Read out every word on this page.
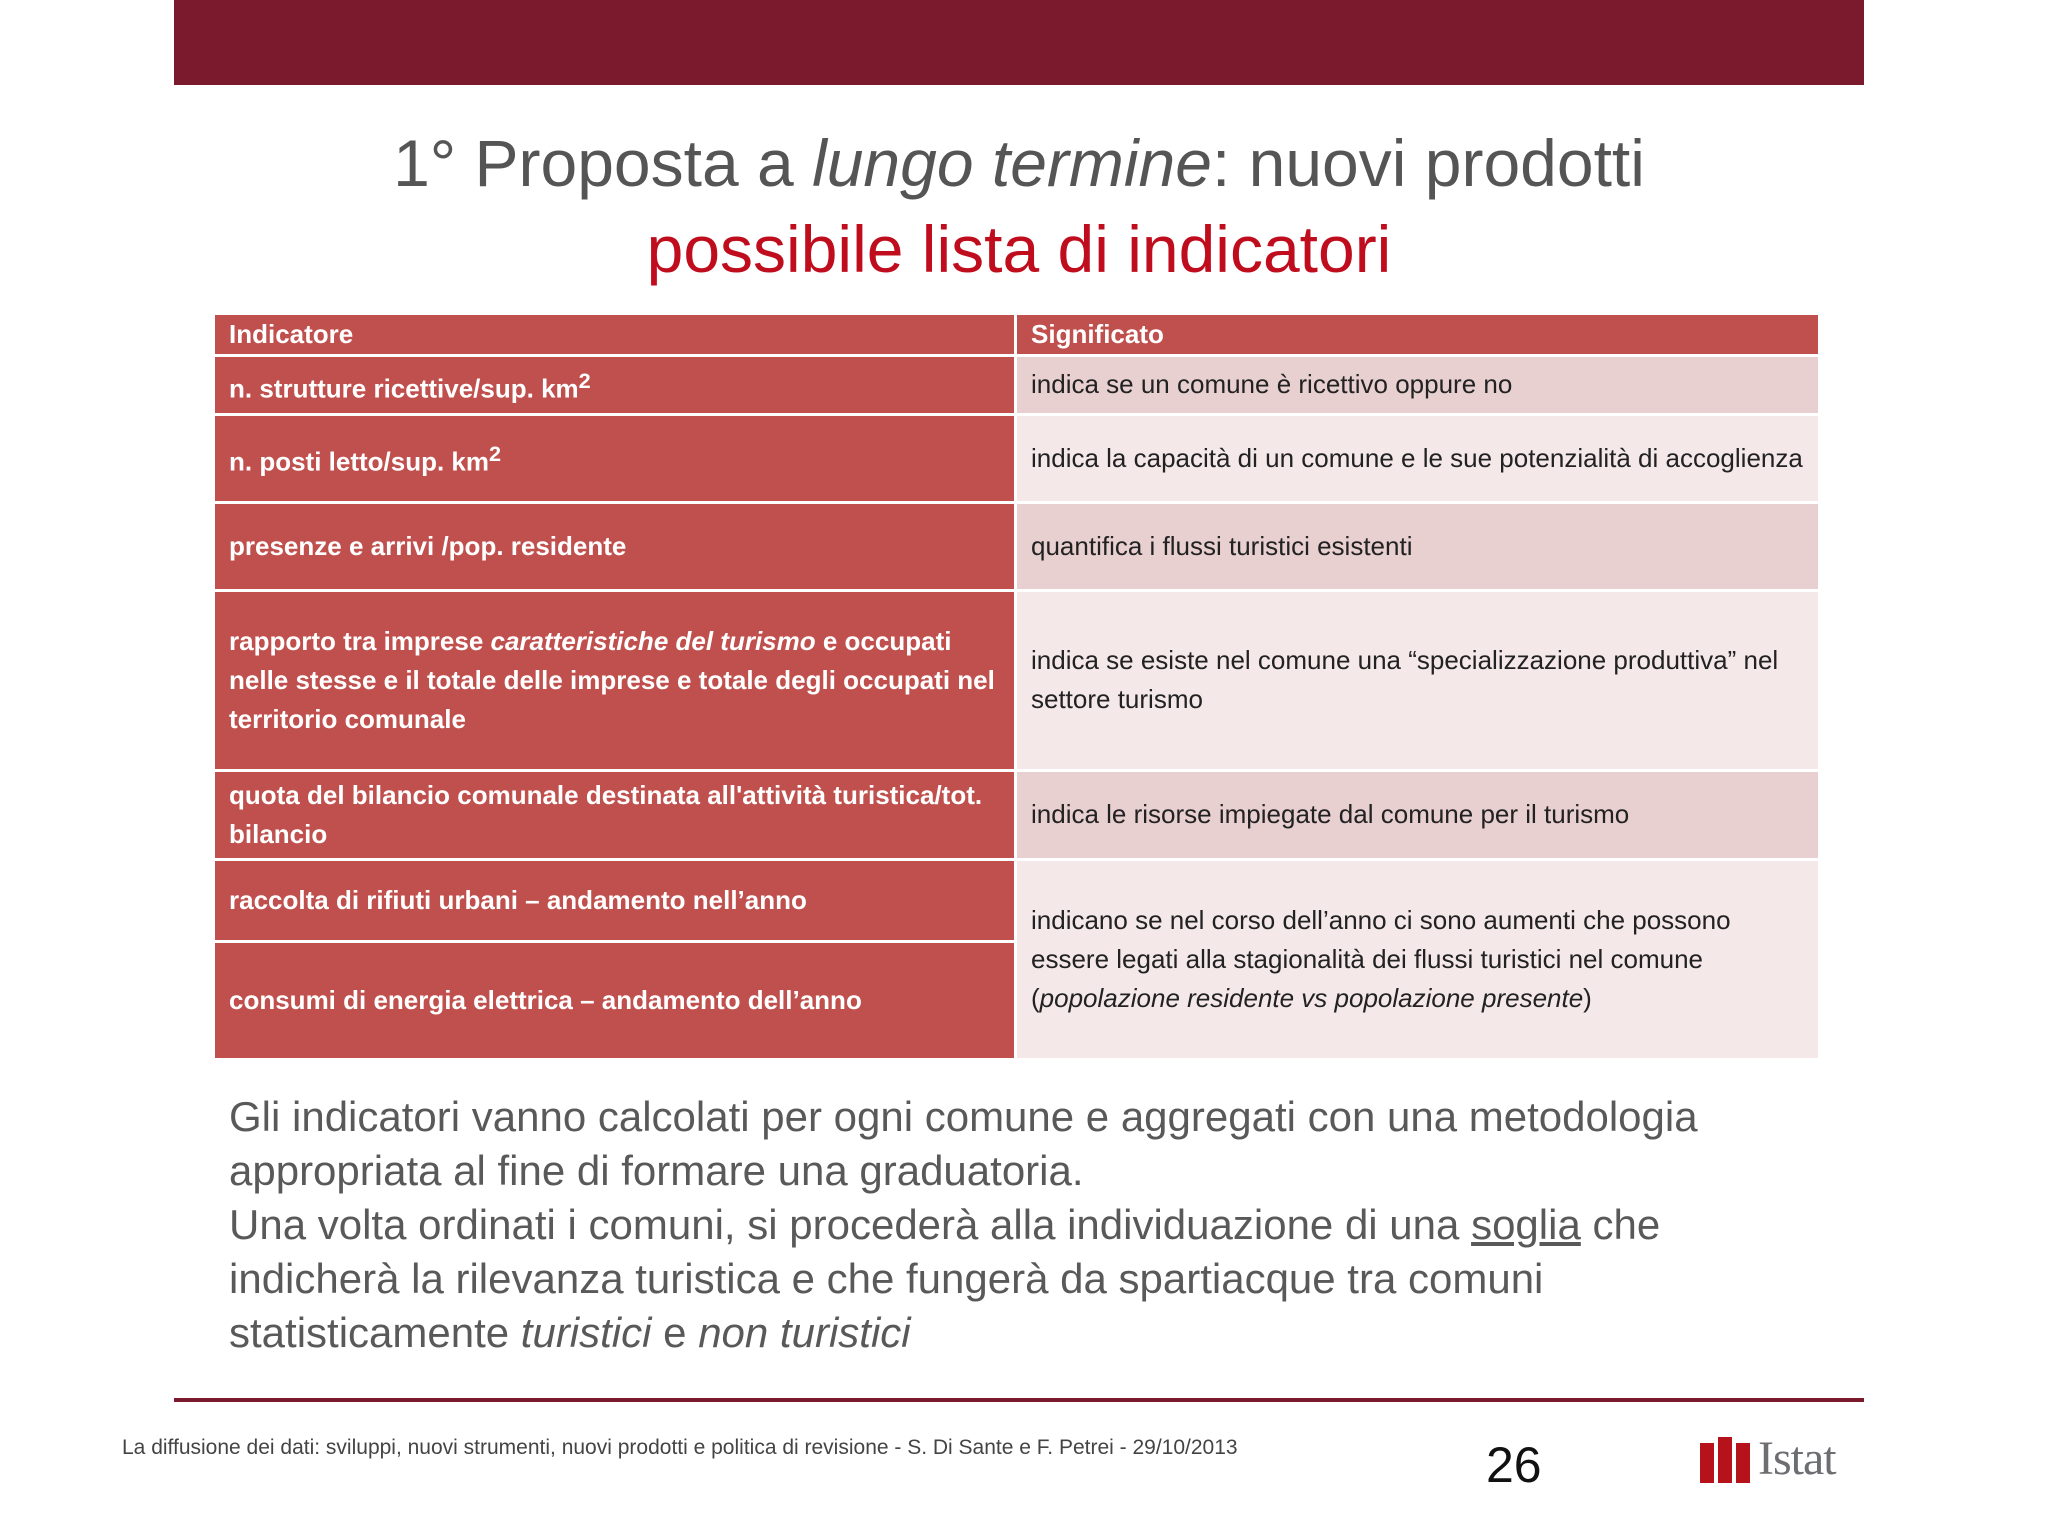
1° Proposta a lungo termine: nuovi prodotti
possibile lista di indicatori
Indicatore	Significato
n. strutture ricettive/sup. $km^2$	indica se un comune è ricettivo oppure no
n. posti letto/sup. $km^2$	indica la capacità di un comune e le sue potenzialità di accoglienza
presenze e arrivi /pop. residente	quantifica i flussi turistici esistenti
rapporto tra imprese caratteristiche del turismo e occupati nelle stesse e il totale delle imprese e totale degli occupati nel territorio comunale	indica se esiste nel comune una “specializzazione produttiva” nel settore turismo
quota del bilancio comunale destinata all'attività turistica/tot. bilancio	indica le risorse impiegate dal comune per il turismo
raccolta di rifiuti urbani – andamento nell’anno	indicano se nel corso dell’anno ci sono aumenti che possono essere legati alla stagionalità dei flussi turistici nel comune (popolazione residente vs popolazione presente)
consumi di energia elettrica – andamento dell’anno	

Gli indicatori vanno calcolati per ogni comune e aggregati con una metodologia appropriata al fine di formare una graduatoria.

Una volta ordinati i comuni, si procederà alla individuazione di una soglia che indicherà la rilevanza turistica e che fungerà da spartiacque tra comuni statisticamente turistici e non turistici

La diffusione dei dati: sviluppi, nuovi strumenti, nuovi prodotti e politica di revisione - S. Di Sante e F. Petrei - 29/10/2013	26	Istat
